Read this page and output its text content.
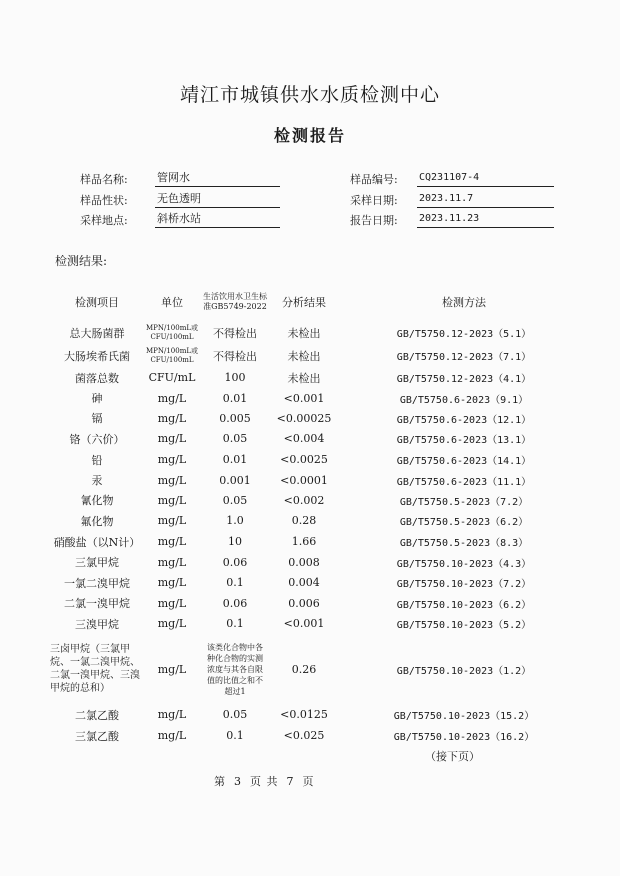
靖江市城镇供水水质检测中心
检测报告
样品名称:	管网水	样品编号: CQ231107-4
样品性状:	无色透明	采样日期: 2023.11.7
采样地点:	斜桥水站	报告日期: 2023.11.23
检测结果:
检测项目	单位	生活饮用水卫生标准GB5749-2022	分析结果	检测方法
总大肠菌群	MPN/100mL或CFU/100mL	不得检出	未检出	GB/T5750.12-2023（5.1）
大肠埃希氏菌	MPN/100mL或CFU/100mL	不得检出	未检出	GB/T5750.12-2023（7.1）
菌落总数	CFU/mL	100	未检出	GB/T5750.12-2023（4.1）
砷	mg/L	0.01	<0.001	GB/T5750.6-2023（9.1）
镉	mg/L	0.005	<0.00025	GB/T5750.6-2023（12.1）
铬（六价）	mg/L	0.05	<0.004	GB/T5750.6-2023（13.1）
铅	mg/L	0.01	<0.0025	GB/T5750.6-2023（14.1）
汞	mg/L	0.001	<0.0001	GB/T5750.6-2023（11.1）
氰化物	mg/L	0.05	<0.002	GB/T5750.5-2023（7.2）
氟化物	mg/L	1.0	0.28	GB/T5750.5-2023（6.2）
硝酸盐（以N计）	mg/L	10	1.66	GB/T5750.5-2023（8.3）
三氯甲烷	mg/L	0.06	0.008	GB/T5750.10-2023（4.3）
一氯二溴甲烷	mg/L	0.1	0.004	GB/T5750.10-2023（7.2）
二氯一溴甲烷	mg/L	0.06	0.006	GB/T5750.10-2023（6.2）
三溴甲烷	mg/L	0.1	<0.001	GB/T5750.10-2023（5.2）
三卤甲烷（三氯甲烷、一氯二溴甲烷、二氯一溴甲烷、三溴甲烷的总和）	mg/L	该类化合物中各种化合物的实测浓度与其各自限值的比值之和不超过1	0.26	GB/T5750.10-2023（1.2）
二氯乙酸	mg/L	0.05	<0.0125	GB/T5750.10-2023（15.2）
三氯乙酸	mg/L	0.1	<0.025	GB/T5750.10-2023（16.2）
（接下页）
第 3 页 共 7 页
